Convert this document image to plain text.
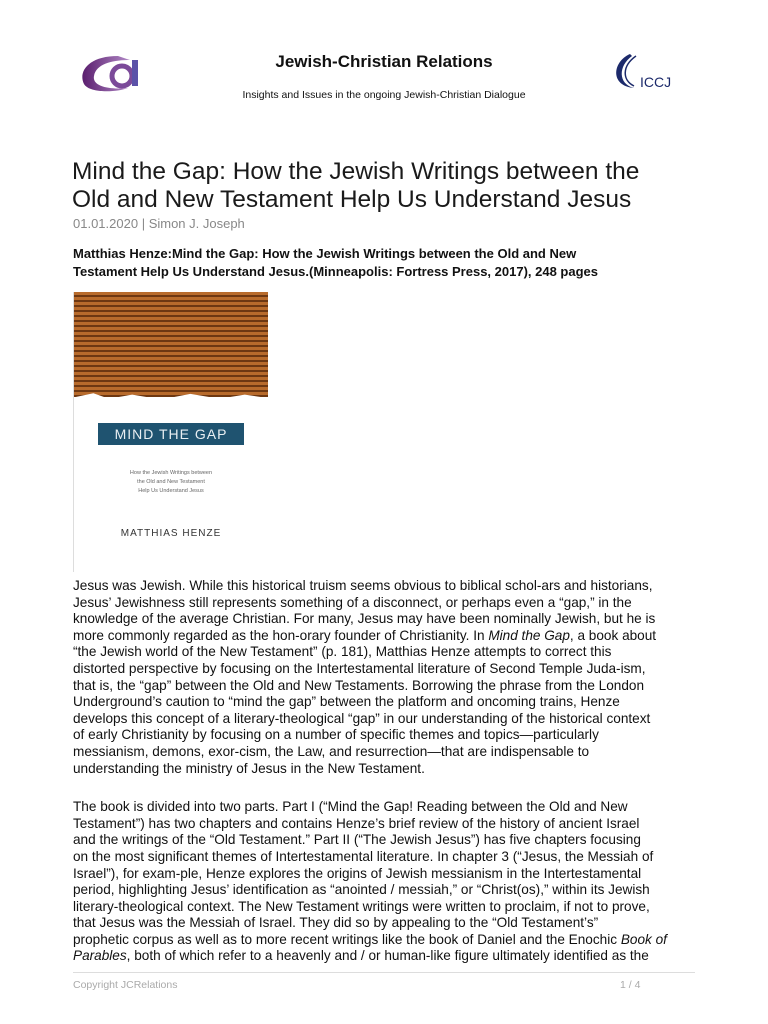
Jewish-Christian Relations
Insights and Issues in the ongoing Jewish-Christian Dialogue
ICCJ
Mind the Gap: How the Jewish Writings between the
Old and New Testament Help Us Understand Jesus
01.01.2020 | Simon J. Joseph
Matthias Henze:Mind the Gap: How the Jewish Writings between the Old and New
Testament Help Us Understand Jesus.(Minneapolis: Fortress Press, 2017), 248 pages
MIND THE GAP
How the Jewish Writings between
the Old and New Testament
Help Us Understand Jesus
MATTHIAS HENZE
Jesus was Jewish. While this historical truism seems obvious to biblical schol-ars and historians,
Jesus’ Jewishness still represents something of a disconnect, or perhaps even a “gap,” in the
knowledge of the average Christian. For many, Jesus may have been nominally Jewish, but he is
more commonly regarded as the hon-orary founder of Christianity. In Mind the Gap, a book about
“the Jewish world of the New Testament” (p. 181), Matthias Henze attempts to correct this
distorted perspective by focusing on the Intertestamental literature of Second Temple Juda-ism,
that is, the “gap” between the Old and New Testaments. Borrowing the phrase from the London
Underground’s caution to “mind the gap” between the platform and oncoming trains, Henze
develops this concept of a literary-theological “gap” in our understanding of the historical context
of early Christianity by focusing on a number of specific themes and topics—particularly
messianism, demons, exor-cism, the Law, and resurrection—that are indispensable to
understanding the ministry of Jesus in the New Testament.
The book is divided into two parts. Part I (“Mind the Gap! Reading between the Old and New
Testament”) has two chapters and contains Henze’s brief review of the history of ancient Israel
and the writings of the “Old Testament.” Part II (“The Jewish Jesus”) has five chapters focusing
on the most significant themes of Intertestamental literature. In chapter 3 (“Jesus, the Messiah of
Israel”), for exam-ple, Henze explores the origins of Jewish messianism in the Intertestamental
period, highlighting Jesus’ identification as “anointed / messiah,” or “Christ(os),” within its Jewish
literary-theological context. The New Testament writings were written to proclaim, if not to prove,
that Jesus was the Messiah of Israel. They did so by appealing to the “Old Testament’s”
prophetic corpus as well as to more recent writings like the book of Daniel and the Enochic Book of
Parables, both of which refer to a heavenly and / or human-like figure ultimately identified as the
Copyright JCRelations	1 / 4
